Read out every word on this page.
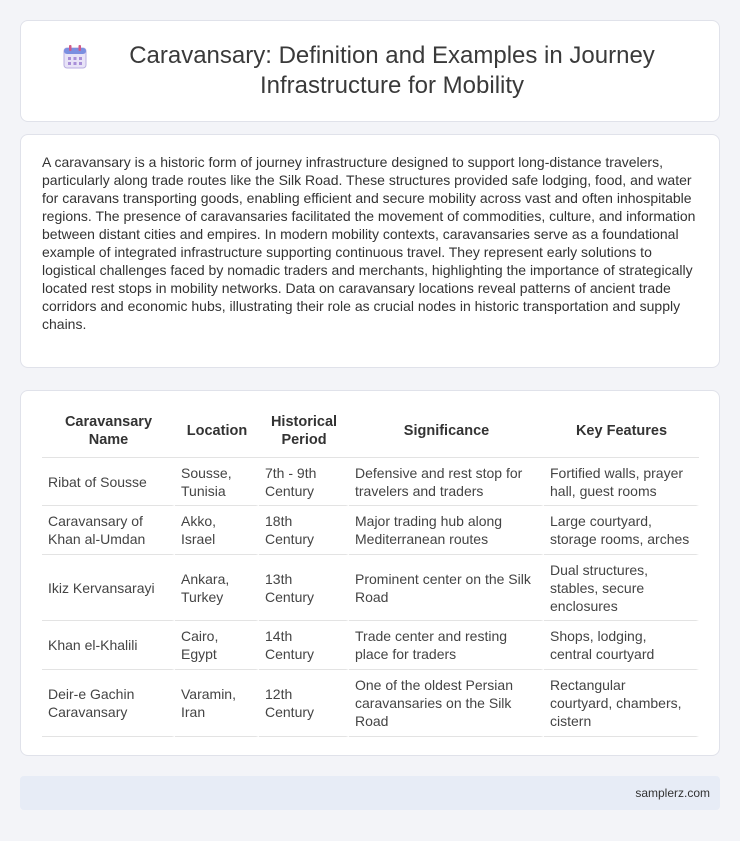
Caravansary: Definition and Examples in Journey Infrastructure for Mobility

A caravansary is a historic form of journey infrastructure designed to support long-distance travelers, particularly along trade routes like the Silk Road. These structures provided safe lodging, food, and water for caravans transporting goods, enabling efficient and secure mobility across vast and often inhospitable regions. The presence of caravansaries facilitated the movement of commodities, culture, and information between distant cities and empires. In modern mobility contexts, caravansaries serve as a foundational example of integrated infrastructure supporting continuous travel. They represent early solutions to logistical challenges faced by nomadic traders and merchants, highlighting the importance of strategically located rest stops in mobility networks. Data on caravansary locations reveal patterns of ancient trade corridors and economic hubs, illustrating their role as crucial nodes in historic transportation and supply chains.

Caravansary Name	Location	Historical Period	Significance	Key Features
Ribat of Sousse	Sousse, Tunisia	7th - 9th Century	Defensive and rest stop for travelers and traders	Fortified walls, prayer hall, guest rooms
Caravansary of Khan al-Umdan	Akko, Israel	18th Century	Major trading hub along Mediterranean routes	Large courtyard, storage rooms, arches
Ikiz Kervansarayi	Ankara, Turkey	13th Century	Prominent center on the Silk Road	Dual structures, stables, secure enclosures
Khan el-Khalili	Cairo, Egypt	14th Century	Trade center and resting place for traders	Shops, lodging, central courtyard
Deir-e Gachin Caravansary	Varamin, Iran	12th Century	One of the oldest Persian caravansaries on the Silk Road	Rectangular courtyard, chambers, cistern
samplerz.com
